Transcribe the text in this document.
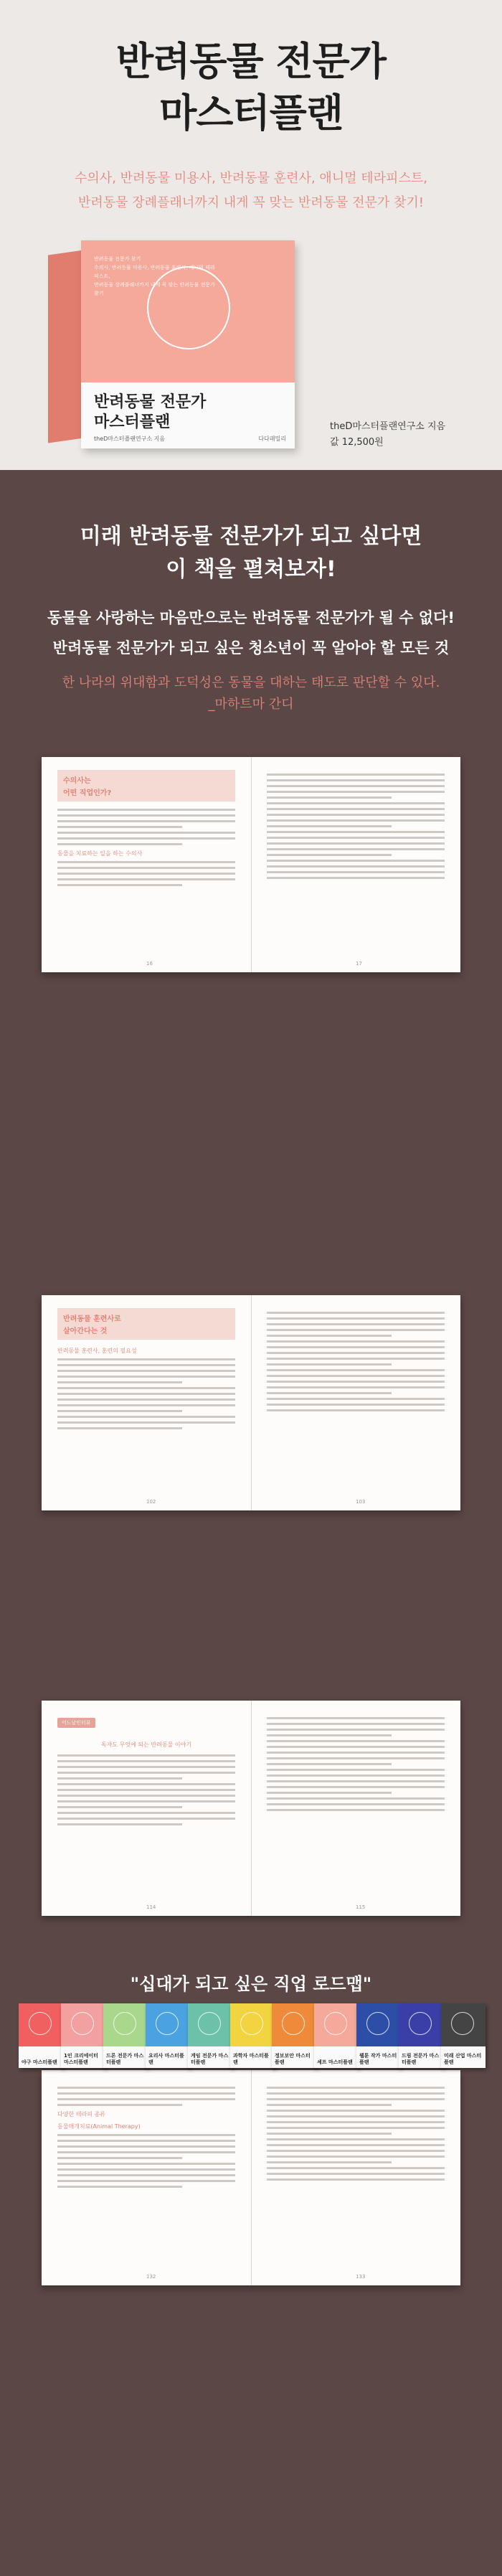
반려동물 전문가
마스터플랜
수의사, 반려동물 미용사, 반려동물 훈련사, 애니멀 테라피스트,
반려동물 장례플래너까지 내게 꼭 맞는 반려동물 전문가 찾기!
반려동물 전문가 찾기
수의사, 반려동물 미용사, 반려동물 훈련사, 애니멀 테라피스트,
반려동물 장례플래너까지 내게 꼭 맞는 반려동물 전문가 찾기
반려동물 전문가
마스터플랜
theD마스터플랜연구소 지음	다다패밀리
theD마스터플랜연구소 지음
값 12,500원
미래 반려동물 전문가가 되고 싶다면
이 책을 펼쳐보자!
동물을 사랑하는 마음만으로는 반려동물 전문가가 될 수 없다!
반려동물 전문가가 되고 싶은 청소년이 꼭 알아야 할 모든 것
한 나라의 위대함과 도덕성은 동물을 대하는 태도로 판단할 수 있다.
_마하트마 간디
수의사는
어떤 직업인가?
동물을 치료하는 일을 하는 수의사
16	17
반려동물 훈련사로
살아간다는 것
반려동물 훈련사, 훈련의 필요성
102	103
어느날인터뷰
독자도 무엇에 되는 반려동물 이야기
114	115
다양한 테라피 종류
동물매개치료(Animal Therapy)
132	133
"십대가 되고 싶은 직업 로드맵"
야구 마스터플랜
1인 크리에이터 마스터플랜
드론 전문가 마스터플랜
요리사 마스터플랜
게임 전문가 마스터플랜
과학자 마스터플랜
정보보안 마스터플랜	셰프 마스터플랜
웹툰 작가 마스터플랜
드림 전문가 마스터플랜
미래 산업 마스터플랜
